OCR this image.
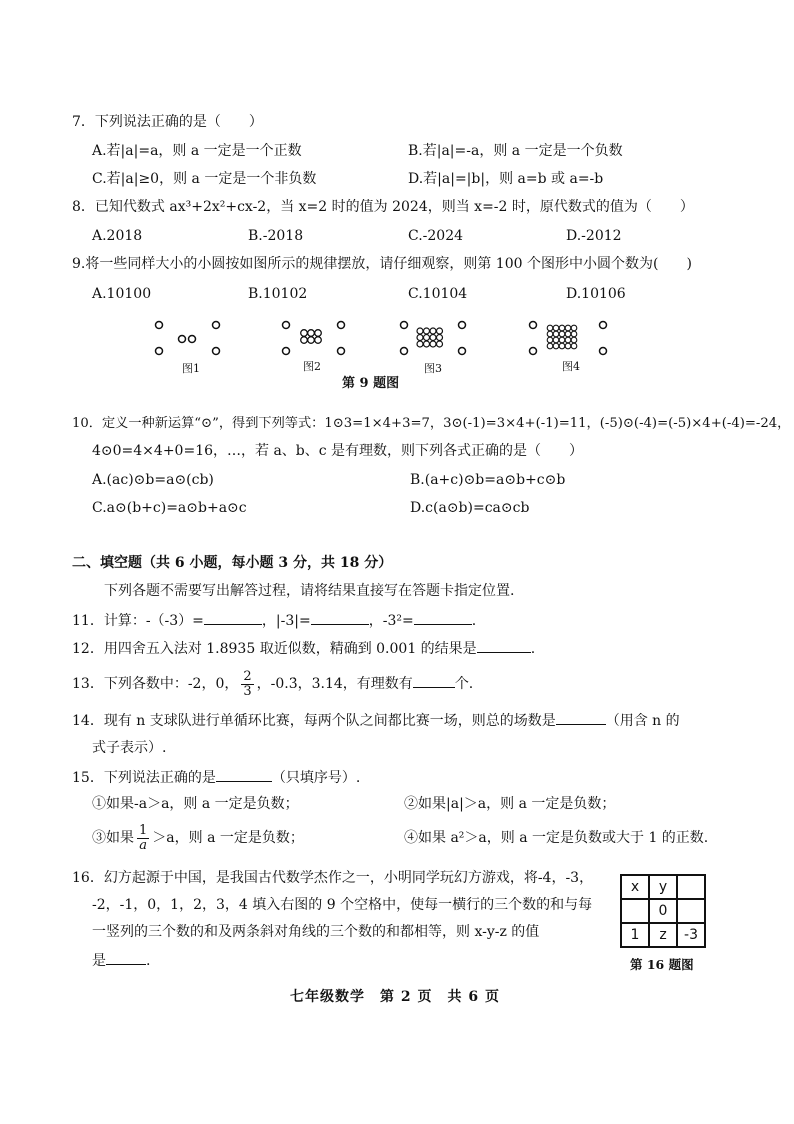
7．下列说法正确的是（　　）
A.若|a|=a，则 a 一定是一个正数	B.若|a|=-a，则 a 一定是一个负数
C.若|a|≥0，则 a 一定是一个非负数	D.若|a|=|b|，则 a=b 或 a=-b
8．已知代数式 ax³+2x²+cx-2，当 x=2 时的值为 2024，则当 x=-2 时，原代数式的值为（　　）
A.2018	B.-2018	C.-2024	D.-2012
9.将一些同样大小的小圆按如图所示的规律摆放，请仔细观察，则第 100 个图形中小圆个数为(　　)
A.10100	B.10102	C.10104	D.10106
图1	图2	图3	图4
第 9 题图
10．定义一种新运算“⊙”，得到下列等式：1⊙3=1×4+3=7，3⊙(-1)=3×4+(-1)=11，(-5)⊙(-4)=(-5)×4+(-4)=-24，
4⊙0=4×4+0=16，…，若 a、b、c 是有理数，则下列各式正确的是（　　）
A.(ac)⊙b=a⊙(cb)	B.(a+c)⊙b=a⊙b+c⊙b
C.a⊙(b+c)=a⊙b+a⊙c	D.c(a⊙b)=ca⊙cb
二、填空题（共 6 小题，每小题 3 分，共 18 分）
下列各题不需要写出解答过程，请将结果直接写在答题卡指定位置.
11．计算：-（-3）=	，|-3|=	，-3²=	.
12．用四舍五入法对 1.8935 取近似数，精确到 0.001 的结果是	.
13．下列各数中：-2，0， $\frac{2}{3}$ ，-0.3̇，3.14，有理数有	个.
14．现有 n 支球队进行单循环比赛，每两个队之间都比赛一场，则总的场数是	（用含 n 的
式子表示）.
15．下列说法正确的是	（只填序号）.
①如果-a＞a，则 a 一定是负数；	②如果|a|＞a，则 a 一定是负数；
③如果 $\frac{1}{a} >a$，则 a 一定是负数；	④如果 a²＞a，则 a 一定是负数或大于 1 的正数.
16．幻方起源于中国，是我国古代数学杰作之一，小明同学玩幻方游戏，将-4，-3，
-2，-1，0，1，2，3，4 填入右图的 9 个空格中，使每一横行的三个数的和与每
一竖列的三个数的和及两条斜对角线的三个数的和都相等，则 x-y-z 的值
是	.
x	y	
	0	
1	z	-3
第 16 题图
七年级数学　第 2 页　共 6 页
